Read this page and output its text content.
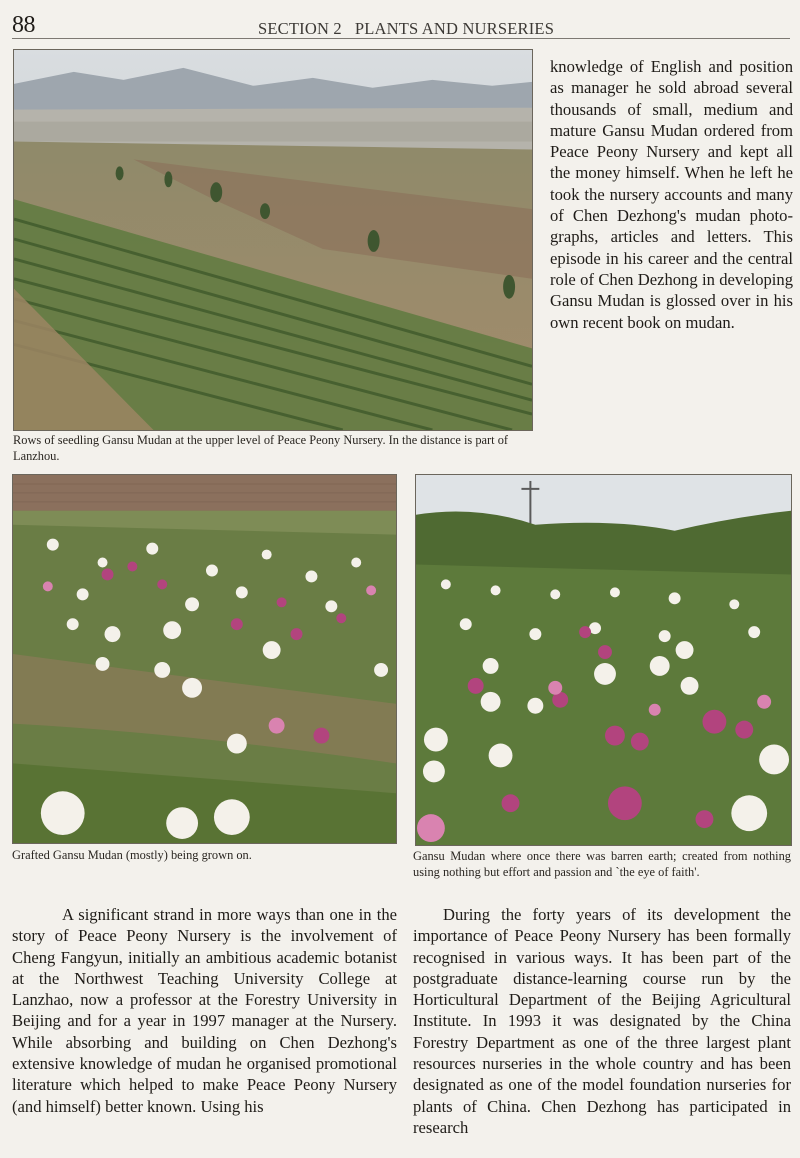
88	SECTION 2   PLANTS AND NURSERIES
Rows of seedling Gansu Mudan at the upper level of Peace Peony Nursery. In the distance is part of Lanzhou.
Grafted Gansu Mudan (mostly) being grown on.	Gansu Mudan where once there was barren earth; created from nothing using nothing but effort and passion and `the eye of faith'.
knowledge of English and position as manager he sold abroad several thousands of small, medium and mature Gansu Mudan ordered from Peace Peony Nursery and kept all the money himself. When he left he took the nursery accounts and many of Chen Dezhong's mudan photographs, articles and letters. This episode in his career and the central role of Chen Dezhong in developing Gansu Mudan is glossed over in his own recent book on mudan.
A significant strand in more ways than one in the story of Peace Peony Nursery is the involvement of Cheng Fangyun, initially an ambitious academic botanist at the Northwest Teaching University College at Lanzhao, now a professor at the Forestry University in Beijing and for a year in 1997 manager at the Nursery. While absorbing and building on Chen Dezhong's extensive knowledge of mudan he organised promotional literature which helped to make Peace Peony Nursery (and himself) better known. Using his
During the forty years of its development the importance of Peace Peony Nursery has been formally recognised in various ways. It has been part of the postgraduate distance-learning course run by the Horticultural Department of the Beijing Agricultural Institute. In 1993 it was designated by the China Forestry Department as one of the three largest plant resources nurseries in the whole country and has been designated as one of the model foundation nurseries for plants of China. Chen Dezhong has participated in research
